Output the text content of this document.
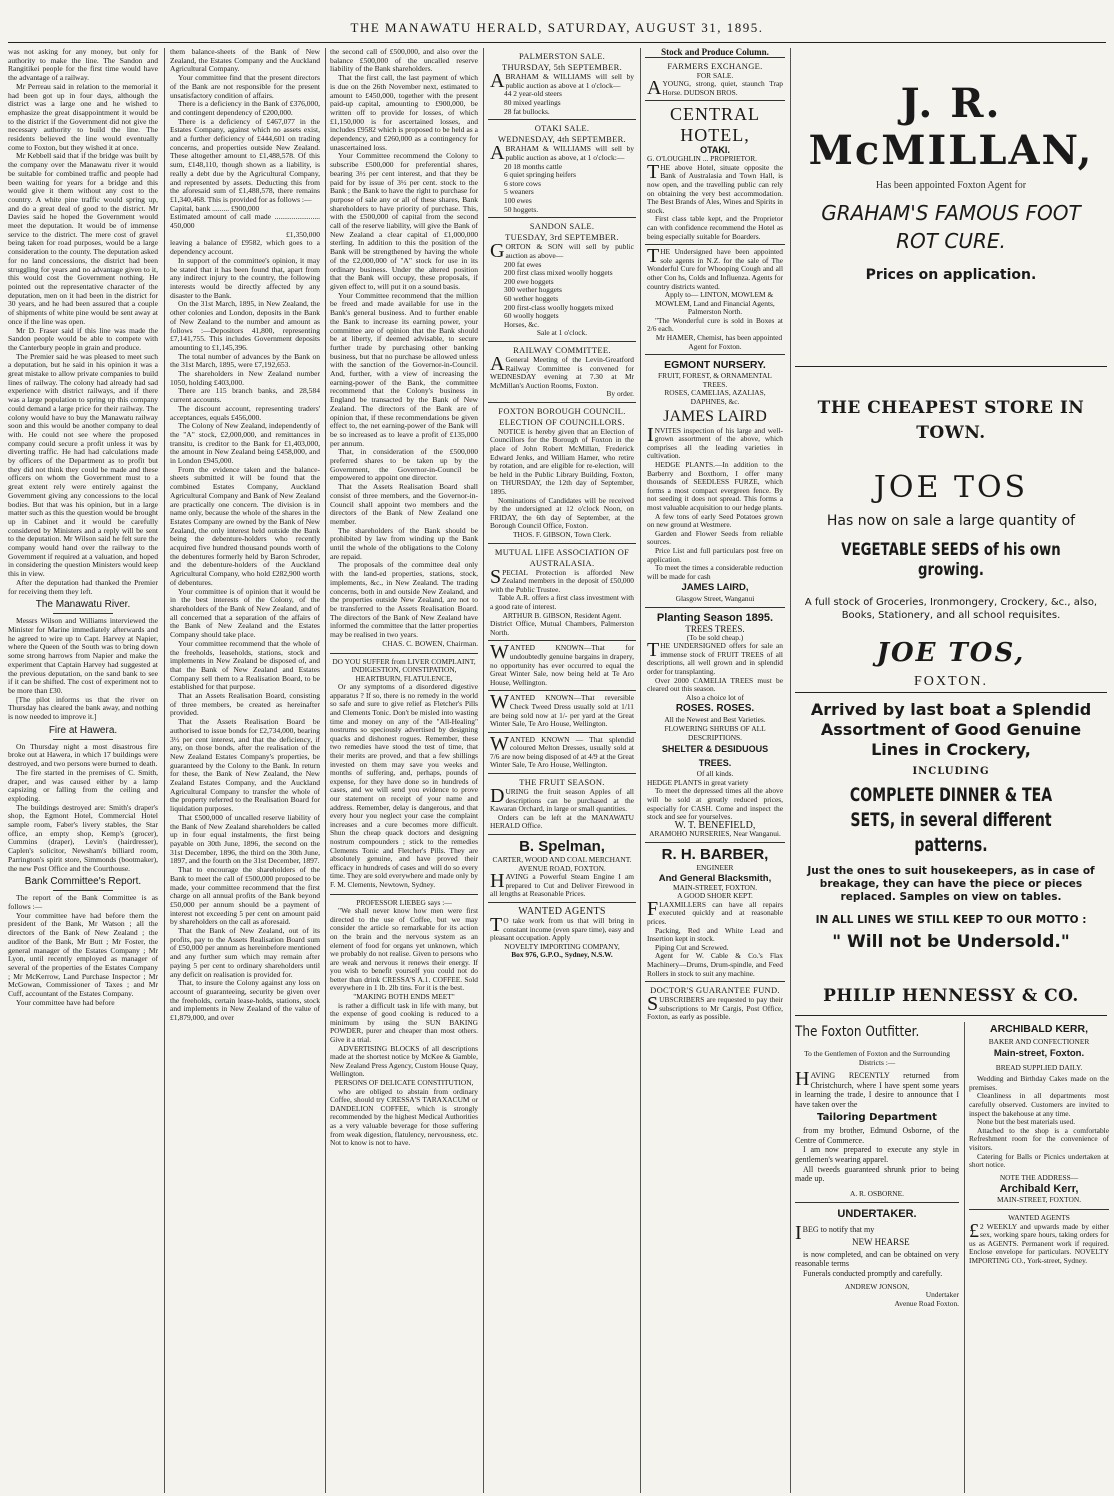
THE MANAWATU HERALD, SATURDAY, AUGUST 31, 1895.

was not asking for any money, but only for authority to make the line. The Sandon and Rangitikei people for the first time would have the advantage of a railway.

Mr Perreau said in relation to the memorial it had been got up in four days, although the district was a large one and he wished to emphasize the great disappointment it would be to the district if the Government did not give the necessary authority to build the line. The residents believed the line would eventually come to Foxton, but they wished it at once.

Mr Kebbell said that if the bridge was built by the company over the Manawatu river it would be suitable for combined traffic and people had been waiting for years for a bridge and this would give it them without any cost to the country. A white pine traffic would spring up, and do a great deal of good to the district. Mr Davies said he hoped the Government would meet the deputation. It would be of immense service to the district. The mere cost of gravel being taken for road purposes, would be a large consideration to the county. The deputation asked for no land concessions, the district had been struggling for years and no advantage given to it, this would cost the Government nothing. He pointed out the representative character of the deputation, men on it had been in the district for 30 years, and he had been assured that a couple of shipments of white pine would be sent away at once if the line was open.

Mr D. Fraser said if this line was made the Sandon people would be able to compete with the Canterbury people in grain and produce.

The Premier said he was pleased to meet such a deputation, but he said in his opinion it was a great mistake to allow private companies to build lines of railway. The colony had already had sad experience with district railways, and if there was a large population to spring up this company could demand a large price for their railway. The colony would have to buy the Manawatu railway soon and this would be another company to deal with. He could not see where the proposed company could secure a profit unless it was by diverting traffic. He had had calculations made by officers of the Department as to profit but they did not think they could be made and these officers on whom the Government must to a great extent rely were entirely against the Government giving any concessions to the local bodies. But that was his opinion, but in a large matter such as this the question would be brought up in Cabinet and it would be carefully considered by Ministers and a reply will be sent to the deputation. Mr Wilson said he felt sure the company would hand over the railway to the Government if required at a valuation, and hoped in considering the question Ministers would keep this in view.

After the deputation had thanked the Premier for receiving them they left.

The Manawatu River.

Messrs Wilson and Williams interviewed the Minister for Marine immediately afterwards and he agreed to wire up to Capt. Harvey at Napier, where the Queen of the South was to bring down some strong harrows from Napier and make the experiment that Captain Harvey had suggested at the previous deputation, on the sand bank to see if it can be shifted. The cost of experiment not to be more than £30.

[The pilot informs us that the river on Thursday has cleared the bank away, and nothing is now needed to improve it.]

Fire at Hawera.

On Thursday night a most disastrous fire broke out at Hawera, in which 17 buildings were destroyed, and two persons were burned to death.

The fire started in the premises of C. Smith, draper, and was caused either by a lamp capsizing or falling from the ceiling and exploding.

The buildings destroyed are: Smith's draper's shop, the Egmont Hotel, Commercial Hotel sample room, Faber's livery stables, the Star office, an empty shop, Kemp's (grocer), Cummins (draper), Levin's (hairdresser), Caplen's solicitor, Newsham's billiard room, Parrington's spirit store, Simmonds (bootmaker), the new Post Office and the Courthouse.

Bank Committee's Report.

The report of the Bank Committee is as follows :—

Your committee have had before them the president of the Bank, Mr Watson ; all the directors of the Bank of New Zealand ; the auditor of the Bank, Mr Butt ; Mr Foster, the general manager of the Estates Company ; Mr Lyon, until recently employed as manager of several of the properties of the Estates Company ; Mr McKerrow, Land Purchase Inspector ; Mr McGowan, Commissioner of Taxes ; and Mr Cuff, accountant of the Estates Company.

Your committee have had before

them balance-sheets of the Bank of New Zealand, the Estates Company and the Auckland Agricultural Company.

Your committee find that the present directors of the Bank are not responsible for the present unsatisfactory condition of affairs.

There is a deficiency in the Bank of £376,000, and contingent dependency of £200,000.

There is a deficiency of £467,077 in the Estates Company, against which no assets exist, and a further deficiency of £444,601 on trading concerns, and properties outside New Zealand. These altogether amount to £1,488,578. Of this sum, £148,110, though shown as a liability, is really a debt due by the Agricultural Company, and represented by assets. Deducting this from the aforesaid sum of £1,488,578, there remains £1,340,468. This is provided for as follows :—

Capital, bank ......... £900,000
Estimated amount of call made ........................ 450,000
£1,350,000

leaving a balance of £9582, which goes to a dependency account.

In support of the committee's opinion, it may be stated that it has been found that, apart from any indirect injury to the country, the following interests would be directly affected by any disaster to the Bank.

On the 31st March, 1895, in New Zealand, the other colonies and London, deposits in the Bank of New Zealand to the number and amount as follows :—Depositors 41,800, representing £7,141,755. This includes Government deposits amounting to £1,145,396.

The total number of advances by the Bank on the 31st March, 1895, were £7,192,653.

The shareholders in New Zealand number 1050, holding £403,000.

There are 115 branch banks, and 28,584 current accounts.

The discount account, representing traders' acceptances, equals £456,000.

The Colony of New Zealand, independently of the "A" stock, £2,000,000, and remittances in transitu, is creditor to the Bank for £1,403,000, the amount in New Zealand being £458,000, and in London £945,000.

From the evidence taken and the balance-sheets submitted it will be found that the combined Estates Company, Auckland Agricultural Company and Bank of New Zealand are practically one concern. The division is in name only, because the whole of the shares in the Estates Company are owned by the Bank of New Zealand, the only interest held outside the Bank being the debenture-holders who recently acquired five hundred thousand pounds worth of the debentures formerly held by Baron Schroder, and the debenture-holders of the Auckland Agricultural Company, who hold £282,900 worth of debentures.

Your committee is of opinion that it would be in the best interests of the Colony, of the shareholders of the Bank of New Zealand, and of all concerned that a separation of the affairs of the Bank of New Zealand and the Estates Company should take place.

Your committee recommend that the whole of the freeholds, leaseholds, stations, stock and implements in New Zealand be disposed of, and that the Bank of New Zealand and Estates Company sell them to a Realisation Board, to be established for that purpose.

That an Assets Realisation Board, consisting of three members, be created as hereinafter provided.

That the Assets Realisation Board be authorised to issue bonds for £2,734,000, bearing 3½ per cent interest, and that the deficiency, if any, on those bonds, after the realisation of the New Zealand Estates Company's properties, be guaranteed by the Colony to the Bank. In return for these, the Bank of New Zealand, the New Zealand Estates Company, and the Auckland Agricultural Company to transfer the whole of the property referred to the Realisation Board for liquidation purposes.

That £500,000 of uncalled reserve liability of the Bank of New Zealand shareholders be called up in four equal instalments, the first being payable on 30th June, 1896, the second on the 31st December, 1896, the third on the 30th June, 1897, and the fourth on the 31st December, 1897.

That to encourage the shareholders of the Bank to meet the call of £500,000 proposed to be made, your committee recommend that the first charge on all annual profits of the Bank beyond £50,000 per annum should be a payment of interest not exceeding 5 per cent on amount paid by shareholders on the call as aforesaid.

That the Bank of New Zealand, out of its profits, pay to the Assets Realisation Board sum of £50,000 per annum as hereinbefore mentioned and any further sum which may remain after paying 5 per cent to ordinary shareholders until any deficit on realisation is provided for.

That, to insure the Colony against any loss on account of guaranteeing, security be given over the freeholds, certain lease-holds, stations, stock and implements in New Zealand of the value of £1,879,000, and over

the second call of £500,000, and also over the balance £500,000 of the uncalled reserve liability of the Bank shareholders.

That the first call, the last payment of which is due on the 26th November next, estimated to amount to £450,000, together with the present paid-up capital, amounting to £900,000, be written off to provide for losses, of which £1,150,000 is for ascertained losses, and includes £9582 which is proposed to be held as a dependency, and £260,000 as a contingency for unascertained loss.

Your Committee recommend the Colony to subscribe £500,000 for preferential shares, bearing 3½ per cent interest, and that they be paid for by issue of 3½ per cent. stock to the Bank ; the Bank to have the right to purchase for purpose of sale any or all of these shares, Bank shareholders to have priority of purchase. This, with the £500,000 of capital from the second call of the reserve liability, will give the Bank of New Zealand a clear capital of £1,000,000 sterling. In addition to this the position of the Bank will be strengthened by having the whole of the £2,000,000 of "A" stock for use in its ordinary business. Under the altered position that the Bank will occupy, these proposals, if given effect to, will put it on a sound basis.

Your Committee recommend that the million be freed and made available for use in the Bank's general business. And to further enable the Bank to increase its earning power, your committee are of opinion that the Bank should be at liberty, if deemed advisable, to secure further trade by purchasing other banking business, but that no purchase be allowed unless with the sanction of the Governor-in-Council. And, further, with a view of increasing the earning-power of the Bank, the committee recommend that the Colony's business in England be transacted by the Bank of New Zealand. The directors of the Bank are of opinion that, if these recommendations be given effect to, the net earning-power of the Bank will be so increased as to leave a profit of £135,000 per annum.

That, in consideration of the £500,000 preferred shares to be taken up by the Government, the Governor-in-Council be empowered to appoint one director.

That the Assets Realisation Board shall consist of three members, and the Governor-in-Council shall appoint two members and the directors of the Bank of New Zealand one member.

The shareholders of the Bank should be prohibited by law from winding up the Bank until the whole of the obligations to the Colony are repaid.

The proposals of the committee deal only with the land-ed properties, stations, stock, implements, &c., in New Zealand. The trading concerns, both in and outside New Zealand, and the properties outside New Zealand, are not to be transferred to the Assets Realisation Board. The directors of the Bank of New Zealand have informed the committee that the latter properties may be realised in two years.

CHAS. C. BOWEN, Chairman.
DO YOU SUFFER from LIVER COMPLAINT, INDIGESTION, CONSTIPATION, HEARTBURN, FLATULENCE,

Or any symptoms of a disordered digestive apparatus ? If so, there is no remedy in the world so safe and sure to give relief as Fletcher's Pills and Clements Tonic. Don't be misled into wasting time and money on any of the "All-Healing" nostrums so speciously advertised by designing quacks and dishonest rogues. Remember, these two remedies have stood the test of time, that their merits are proved, and that a few shillings invested on them may save you weeks and months of suffering, and, perhaps, pounds of expense, for they have done so in hundreds of cases, and we will send you evidence to prove our statement on receipt of your name and address. Remember, delay is dangerous, and that every hour you neglect your case the complaint increases and a cure becomes more difficult. Shun the cheap quack doctors and designing nostrum compounders ; stick to the remedies Clements Tonic and Fletcher's Pills. They are absolutely genuine, and have proved their efficacy in hundreds of cases and will do so every time. They are sold everywhere and made only by F. M. Clements, Newtown, Sydney.

PROFESSOR LIEBEG says :—

"We shall never know how men were first directed to the use of Coffee, but we may consider the article so remarkable for its action on the brain and the nervous system as an element of food for organs yet unknown, which we probably do not realise. Given to persons who are weak and nervous it renews their energy. If you wish to benefit yourself you could not do better than drink CRESSA'S A.1. COFFEE. Sold everywhere in 1 lb. 2lb tins. For it is the best.

"MAKING BOTH ENDS MEET"

is rather a difficult task in life with many, but the expense of good cooking is reduced to a minimum by using the SUN BAKING POWDER, purer and cheaper than most others. Give it a trial.

ADVERTISING BLOCKS of all descriptions made at the shortest notice by McKee & Gamble, New Zealand Press Agency, Custom House Quay, Wellington.

PERSONS OF DELICATE CONSTITUTION,

who are obliged to abstain from ordinary Coffee, should try CRESSA'S TARAXACUM or DANDELION COFFEE, which is strongly recommended by the highest Medical Authorities as a very valuable beverage for those suffering from weak digestion, flatulency, nervousness, etc. Not to know is not to have.

PALMERSTON SALE.
THURSDAY, 5th SEPTEMBER.
ABRAHAM & WILLIAMS will sell by public auction as above at 1 o'clock—
44 2 year-old steers
80 mixed yearlings
28 fat bullocks.
OTAKI SALE.
WEDNESDAY, 4th SEPTEMBER.
ABRAHAM & WILLIAMS will sell by public auction as above, at 1 o'clock:—
20 18 months cattle
6 quiet springing heifers
6 store cows
5 weaners
100 ewes
50 hoggets.
SANDON SALE.
TUESDAY, 3rd SEPTEMBER.
GORTON & SON will sell by public auction as above—
200 fat ewes
200 first class mixed woolly hoggets
200 ewe hoggets
300 wether hoggets
60 wether hoggets
200 first-class woolly hoggets mixed
60 woolly hoggets
Horses, &c.
Sale at 1 o'clock.
RAILWAY COMMITTEE.
AGeneral Meeting of the Levin-Greatford Railway Committee is convened for WEDNESDAY evening at 7.30 at Mr McMillan's Auction Rooms, Foxton.
By order.
FOXTON BOROUGH COUNCIL.
ELECTION OF COUNCILLORS.

NOTICE is hereby given that an Election of Councillors for the Borough of Foxton in the place of John Robert McMillan, Frederick Edward Jenks, and William Hamer, who retire by rotation, and are eligible for re-election, will be held in the Public Library Building, Foxton, on THURSDAY, the 12th day of September, 1895.

Nominations of Candidates will be received by the undersigned at 12 o'clock Noon, on FRIDAY, the 6th day of September, at the Borough Council Office, Foxton.

THOS. F. GIBSON, Town Clerk.
MUTUAL LIFE ASSOCIATION OF AUSTRALASIA.

SPECIAL Protection is afforded New Zealand members in the deposit of £50,000 with the Public Trustee.

Table A.R. offers a first class investment with a good rate of interest.

ARTHUR B. GIBSON, Resident Agent.
District Office, Mutual Chambers, Palmerston North.

WANTED KNOWN—That for undoubtedly genuine bargains in drapery, no opportunity has ever occurred to equal the Great Winter Sale, now being held at Te Aro House, Wellington.

WANTED KNOWN—That reversible Check Tweed Dress usually sold at 1/11 are being sold now at 1/- per yard at the Great Winter Sale, Te Aro House, Wellington.

WANTED KNOWN — That splendid coloured Melton Dresses, usually sold at 7/6 are now being disposed of at 4/9 at the Great Winter Sale, Te Aro House, Wellington.

THE FRUIT SEASON.

DURING the fruit season Apples of all descriptions can be purchased at the Kawaran Orchard, in large or small quantities.

Orders can be left at the MANAWATU HERALD Office.

B. Spelman,
CARTER, WOOD AND COAL MERCHANT.
AVENUE ROAD, FOXTON.

HAVING a Powerful Steam Engine I am prepared to Cut and Deliver Firewood in all lengths at Reasonable Prices.

WANTED AGENTS

TO take work from us that will bring in constant income (even spare time), easy and pleasant occupation. Apply

NOVELTY IMPORTING COMPANY,
Box 976, G.P.O., Sydney, N.S.W.
Stock and Produce Column.
FARMERS EXCHANGE.
FOR SALE.

AYOUNG, strong, quiet, staunch Trap Horse. DUDSON BROS.

CENTRAL HOTEL,
OTAKI.
G. O'LOUGHLIN ... PROPRIETOR.

THE above Hotel, situate opposite the Bank of Australasia and Town Hall, is now open, and the travelling public can rely on obtaining the very best accommodation. The Best Brands of Ales, Wines and Spirits in stock.

First class table kept, and the Proprietor can with confidence recommend the Hotel as being especially suitable for Boarders.

THE Undersigned have been appointed sole agents in N.Z. for the sale of The Wonderful Cure for Whooping Cough and all other Con hs, Colds and Influenza. Agents for country districts wanted.

Apply to— LINTON, MOWLEM & MOWLEM, Land and Financial Agents, Palmerston North.

"The Wonderful cure is sold in Boxes at 2/6 each.

Mr HAMER, Chemist, has been appointed Agent for Foxton.

EGMONT NURSERY.
FRUIT, FOREST, & ORNAMENTAL TREES.
ROSES, CAMELIAS, AZALIAS, DAPHNES, &c.
JAMES LAIRD

INVITES inspection of his large and well-grown assortment of the above, which comprises all the leading varieties in cultivation.

HEDGE PLANTS.—In addition to the Barberry and Boxthorn, I offer many thousands of SEEDLESS FURZE, which forms a most compact evergreen fence. By not seeding it does not spread. This forms a most valuable acquisition to our hedge plants.

A few tons of early Seed Potatoes grown on new ground at Westmere.

Garden and Flower Seeds from reliable sources.

Price List and full particulars post free on application.

To meet the times a considerable reduction will be made for cash

JAMES LAIRD,
Glasgow Street, Wanganui
Planting Season 1895.
TREES TREES.
(To be sold cheap.)

THE UNDERSIGNED offers for sale an immense stock of FRUIT TREES of all descriptions, all well grown and in splendid order for transplanting.

Over 2000 CAMELIA TREES must be cleared out this season.

Also a choice lot of
ROSES. ROSES.
All the Newest and Best Varieties.
FLOWERING SHRUBS OF ALL DESCRIPTIONS.
SHELTER & DESIDUOUS TREES.
Of all kinds.
HEDGE PLANTS in great variety

To meet the depressed times all the above will be sold at greatly reduced prices, especially for CASH. Come and inspect the stock and see for yourselves.

W. T. BENEFIELD,
ARAMOHO NURSERIES, Near Wanganui.
R. H. BARBER,
ENGINEER
And General Blacksmith,
MAIN-STREET, FOXTON.
A GOOD SHOER KEPT.

FLAXMILLERS can have all repairs executed quickly and at reasonable prices.

Packing, Red and White Lead and Insertion kept in stock.

Piping Cut and Screwed.

Agent for W. Cable & Co.'s Flax Machinery—Drums, Drum-spindle, and Feed Rollers in stock to suit any machine.

DOCTOR'S GUARANTEE FUND.

SUBSCRIBERS are requested to pay their subscriptions to Mr Cargis, Post Office, Foxton, as early as possible.

J. R. McMILLAN,
Has been appointed Foxton Agent for
GRAHAM'S FAMOUS FOOT ROT CURE.
Prices on application.
THE CHEAPEST STORE IN TOWN.
JOE TOS
Has now on sale a large quantity of
VEGETABLE SEEDS of his own growing.
A full stock of Groceries, Ironmongery, Crockery, &c., also, Books, Stationery, and all school requisites.
JOE TOS,
FOXTON.
Arrived by last boat a Splendid Assortment of Good Genuine Lines in Crockery,
INCLUDING
COMPLETE DINNER & TEA SETS, in several different patterns.
Just the ones to suit housekeepers, as in case of breakage, they can have the piece or pieces replaced. Samples on view on tables.
IN ALL LINES WE STILL KEEP TO OUR MOTTO :
" Will not be Undersold."
PHILIP HENNESSY & CO.
The Foxton Outfitter.
To the Gentlemen of Foxton and the Surrounding Districts :—

HAVING RECENTLY returned from Christchurch, where I have spent some years in learning the trade, I desire to announce that I have taken over the

Tailoring Department

from my brother, Edmund Osborne, of the Centre of Commerce.

I am now prepared to execute any style in gentlemen's wearing apparel.

All tweeds guaranteed shrunk prior to being made up.

A. R. OSBORNE.
UNDERTAKER.

IBEG to notify that my

NEW HEARSE

is now completed, and can be obtained on very reasonable terms

Funerals conducted promptly and carefully.

ANDREW JONSON,
Undertaker
Avenue Road Foxton.
ARCHIBALD KERR,
BAKER AND CONFECTIONER
Main-street, Foxton.
BREAD SUPPLIED DAILY.

Wedding and Birthday Cakes made on the premises.

Cleanliness in all departments most carefully observed. Customers are invited to inspect the bakehouse at any time.

None but the best materials used.

Attached to the shop is a comfortable Refreshment room for the convenience of visitors.

Catering for Balls or Picnics undertaken at short notice.

NOTE THE ADDRESS—
Archibald Kerr,
MAIN-STREET, FOXTON.
WANTED AGENTS

£2 WEEKLY and upwards made by either sex, working spare hours, taking orders for us as AGENTS. Permanent work if required. Enclose envelope for particulars. NOVELTY IMPORTING CO., York-street, Sydney.
